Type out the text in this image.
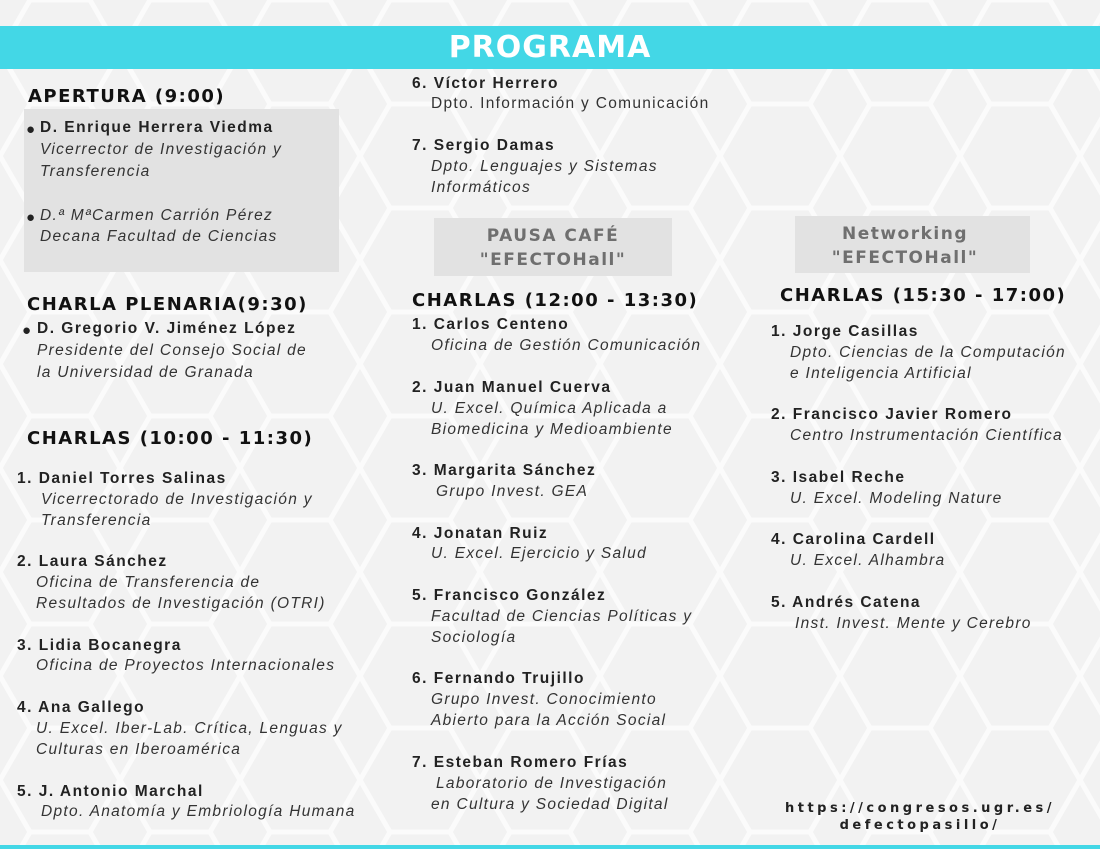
PROGRAMA
APERTURA (9:00)
● D. Enrique Herrera Viedma
Vicerrector de Investigación y
Transferencia
● D.ª MªCarmen Carrión Pérez
Decana Facultad de Ciencias
CHARLA PLENARIA(9:30)
● D. Gregorio V. Jiménez López
Presidente del Consejo Social de
la Universidad de Granada
CHARLAS (10:00 - 11:30)
1. Daniel Torres Salinas
Vicerrectorado de Investigación y
Transferencia
2. Laura Sánchez
Oficina de Transferencia de
Resultados de Investigación (OTRI)
3. Lidia Bocanegra
Oficina de Proyectos Internacionales
4. Ana Gallego
U. Excel. Iber-Lab. Crítica, Lenguas y
Culturas en Iberoamérica
5. J. Antonio Marchal
Dpto. Anatomía y Embriología Humana
6. Víctor Herrero
Dpto. Información y Comunicación
7. Sergio Damas
Dpto. Lenguajes y Sistemas
Informáticos
PAUSA CAFÉ
"EFECTOHall"
CHARLAS (12:00 - 13:30)
1. Carlos Centeno
Oficina de Gestión Comunicación
2. Juan Manuel Cuerva
U. Excel. Química Aplicada a
Biomedicina y Medioambiente
3. Margarita Sánchez
Grupo Invest. GEA
4. Jonatan Ruiz
U. Excel. Ejercicio y Salud
5. Francisco González
Facultad de Ciencias Políticas y
Sociología
6. Fernando Trujillo
Grupo Invest. Conocimiento
Abierto para la Acción Social
7. Esteban Romero Frías
Laboratorio de Investigación
en Cultura y Sociedad Digital
Networking
"EFECTOHall"
CHARLAS (15:30 - 17:00)
1. Jorge Casillas
Dpto. Ciencias de la Computación
e Inteligencia Artificial
2. Francisco Javier Romero
Centro Instrumentación Científica
3. Isabel Reche
U. Excel. Modeling Nature
4. Carolina Cardell
U. Excel. Alhambra
5. Andrés Catena
Inst. Invest. Mente y Cerebro
https://congresos.ugr.es/
defectopasillo/
